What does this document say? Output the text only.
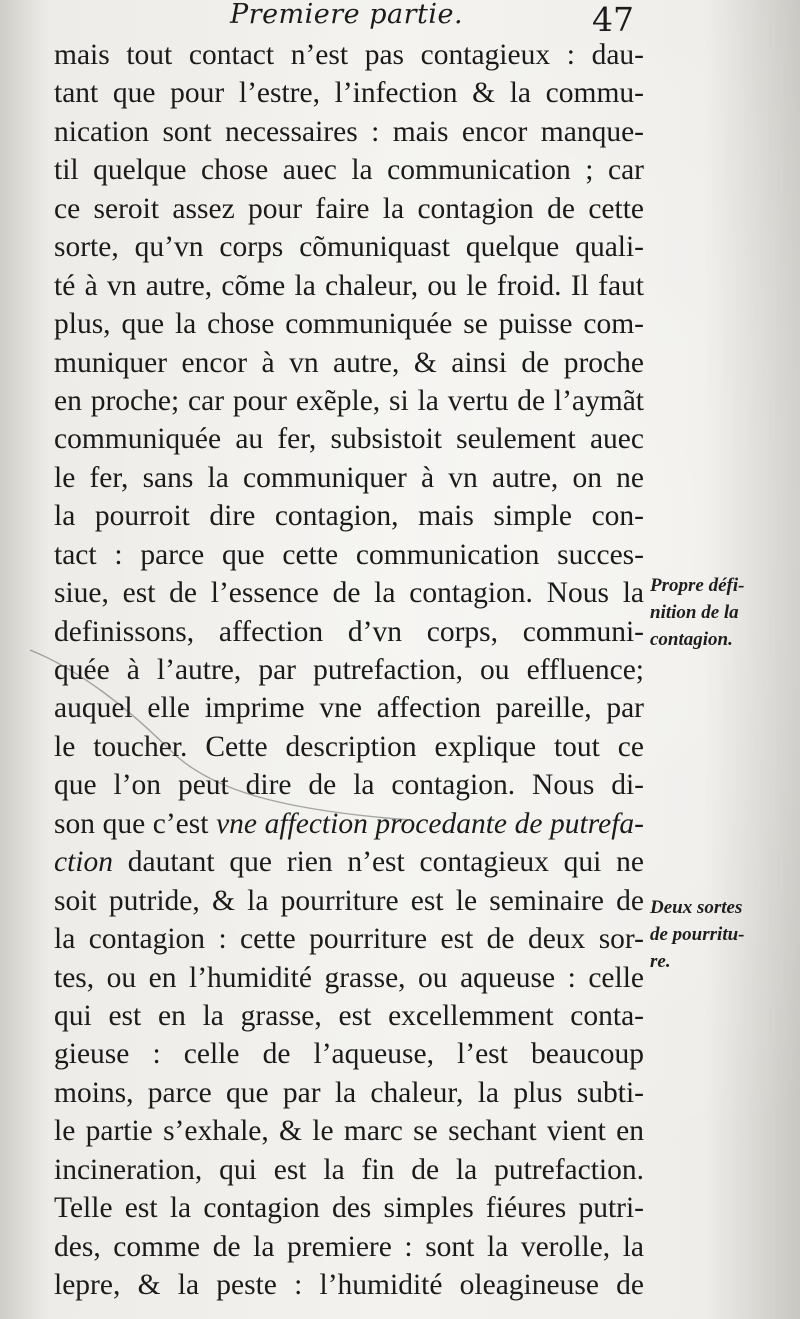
Premiere partie.	47
mais tout contact n’est pas contagieux : dau-
tant que pour l’estre, l’infection & la commu-
nication sont necessaires : mais encor manque-
til quelque chose auec la communication ; car
ce seroit assez pour faire la contagion de cette
sorte, qu’vn corps cõmuniquast quelque quali-
té à vn autre, cõme la chaleur, ou le froid. Il faut
plus, que la chose communiquée se puisse com-
muniquer encor à vn autre, & ainsi de proche
en proche; car pour exẽple, si la vertu de l’aymãt
communiquée au fer, subsistoit seulement auec
le fer, sans la communiquer à vn autre, on ne
la pourroit dire contagion, mais simple con-
tact : parce que cette communication succes-
siue, est de l’essence de la contagion. Nous la
definissons, affection d’vn corps, communi-
quée à l’autre, par putrefaction, ou effluence;
auquel elle imprime vne affection pareille, par
le toucher. Cette description explique tout ce
que l’on peut dire de la contagion. Nous di-
son que c’est vne affection procedante de putrefa-
ction dautant que rien n’est contagieux qui ne
soit putride, & la pourriture est le seminaire de
la contagion : cette pourriture est de deux sor-
tes, ou en l’humidité grasse, ou aqueuse : celle
qui est en la grasse, est excellemment conta-
gieuse : celle de l’aqueuse, l’est beaucoup
moins, parce que par la chaleur, la plus subti-
le partie s’exhale, & le marc se sechant vient en
incineration, qui est la fin de la putrefaction.
Telle est la contagion des simples fiéures putri-
des, comme de la premiere : sont la verolle, la
lepre, & la peste : l’humidité oleagineuse de
Propre défi-
nition de la
contagion.
Deux sortes
de pourritu-
re.
